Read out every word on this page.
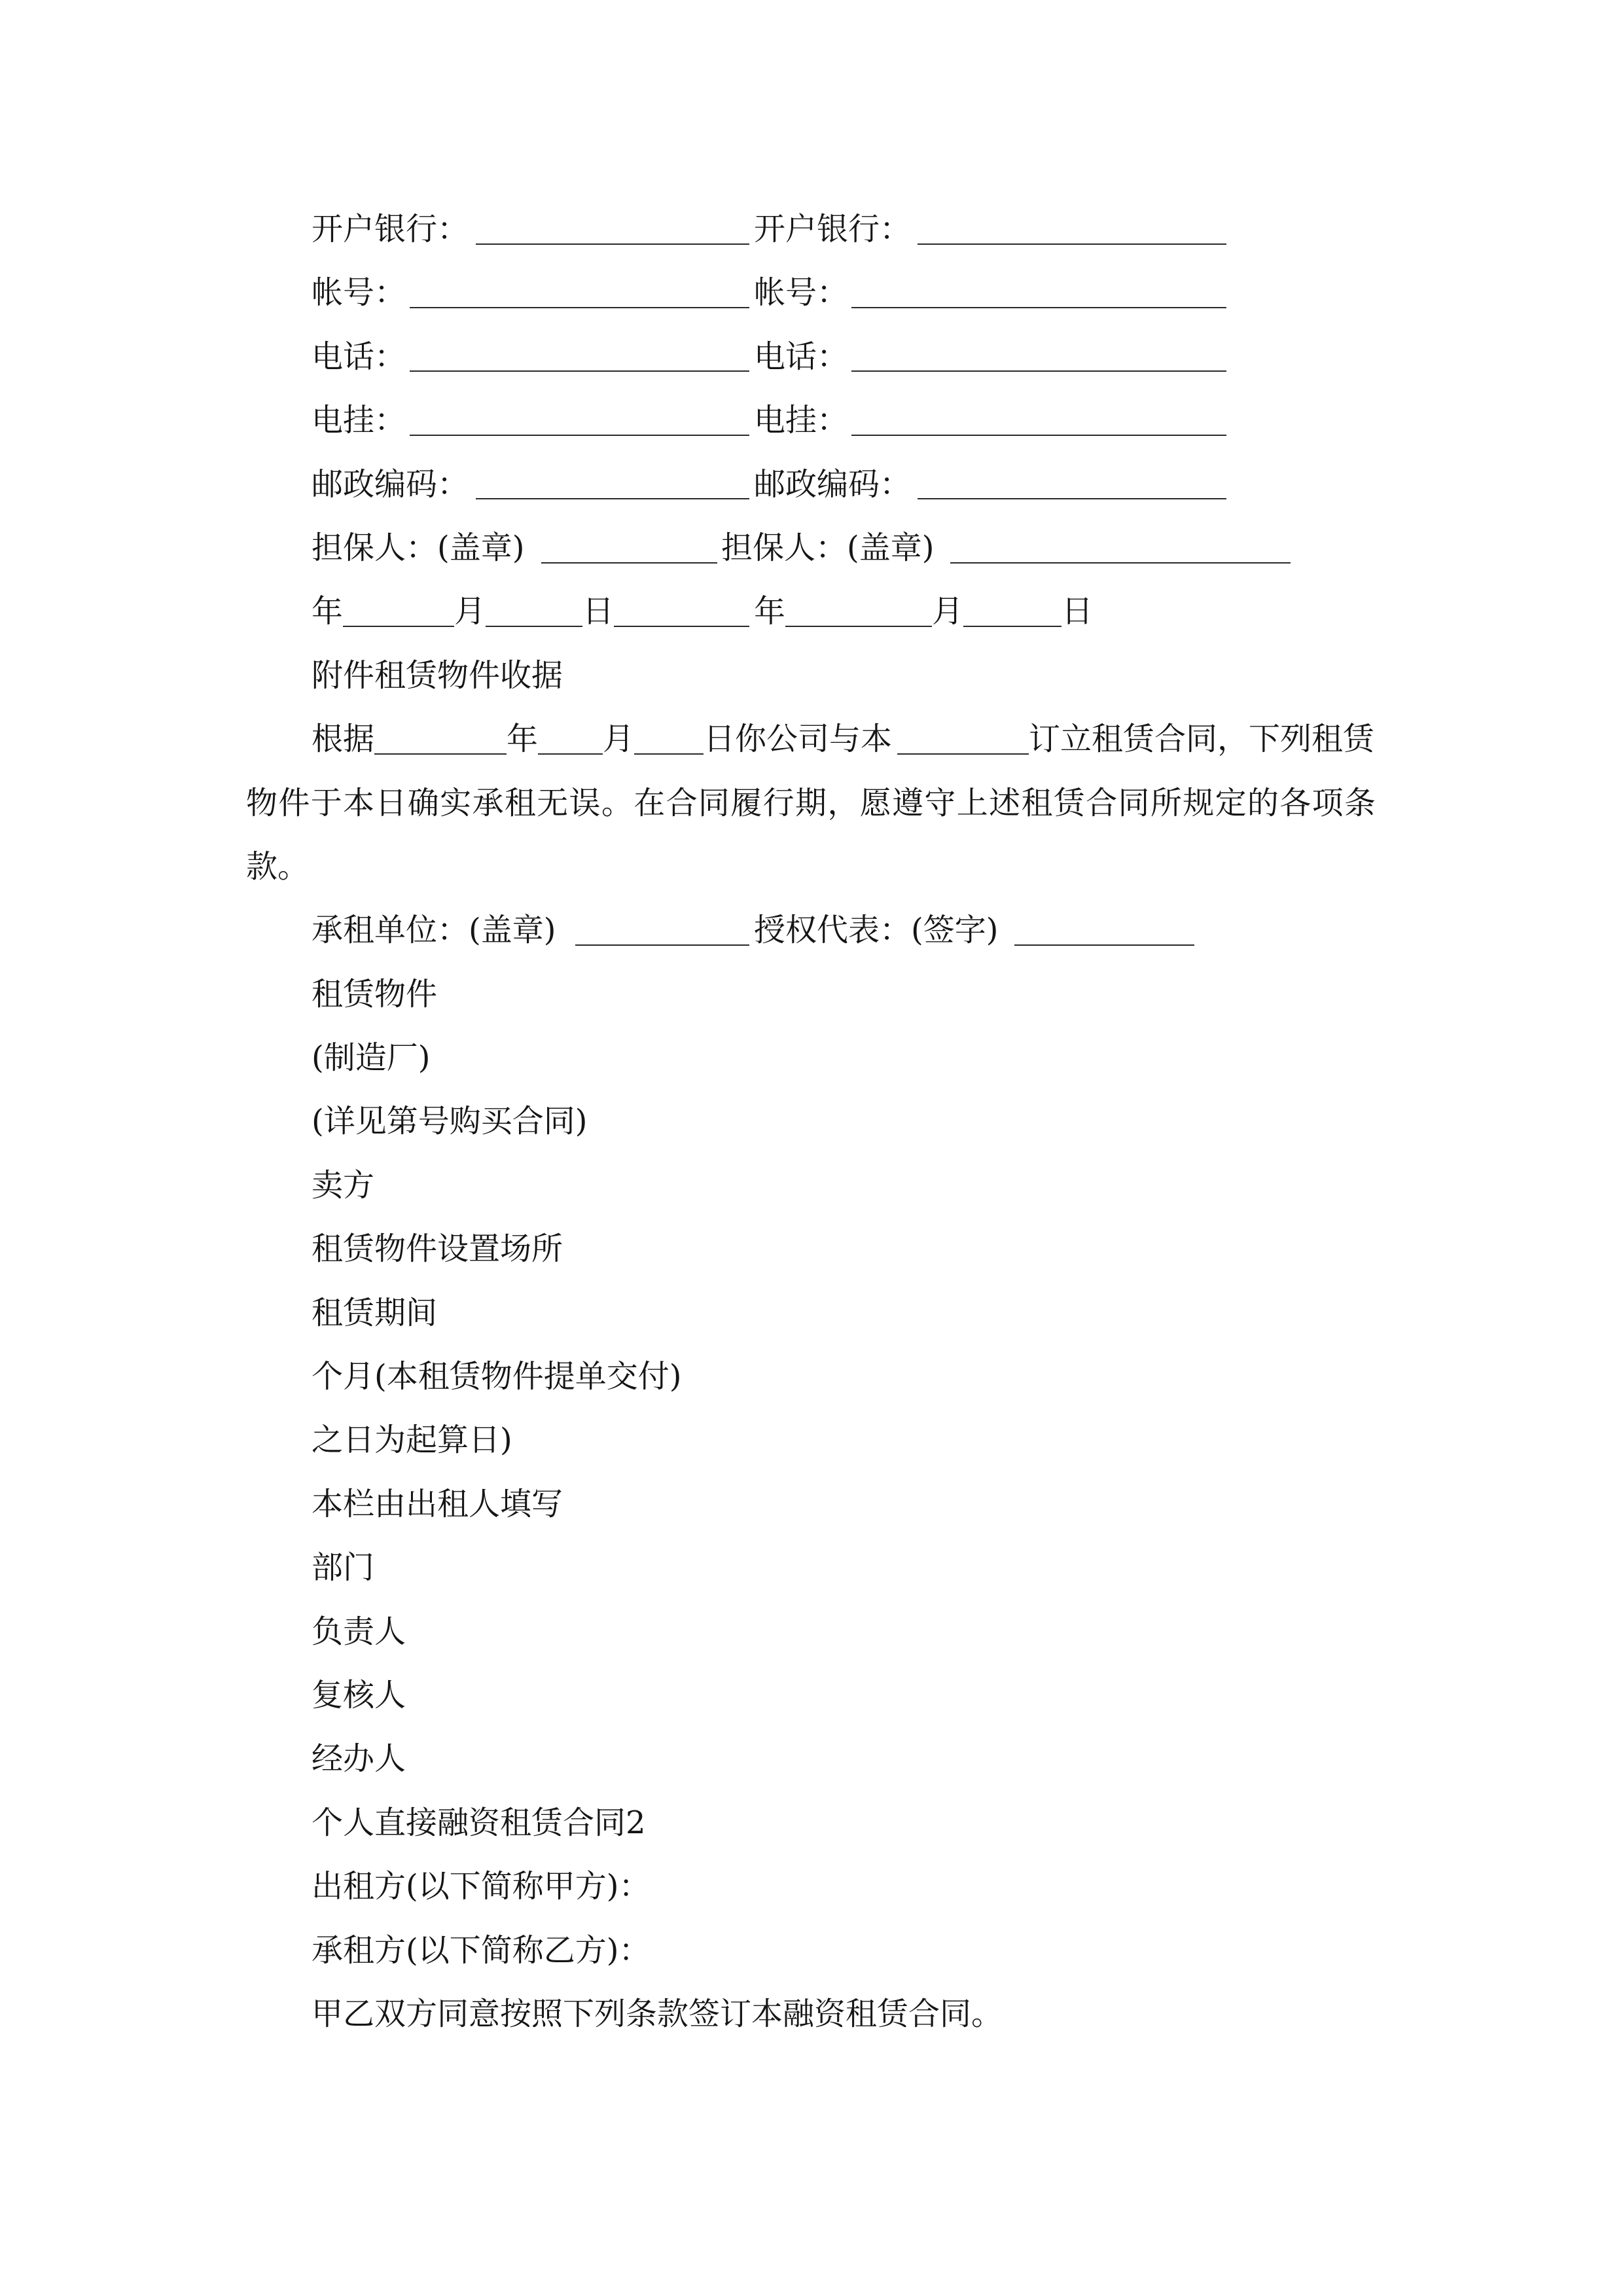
开户银行：	开户银行：
帐号：	帐号：
电话：	电话：
电挂：	电挂：
邮政编码：	邮政编码：
担保人：(盖章)	担保人：(盖章)
年	月	日	年	月	日
附件租赁物件收据
根据	年 月 日你公司与本	订立租赁合同，下列租赁
物件于本日确实承租无误。在合同履行期，愿遵守上述租赁合同所规定的各项条
款。
承租单位：(盖章)	授权代表：(签字)
租赁物件
(制造厂)
(详见第号购买合同)
卖方
租赁物件设置场所
租赁期间
个月(本租赁物件提单交付)
之日为起算日)
本栏由出租人填写
部门
负责人
复核人
经办人
个人直接融资租赁合同2
出租方(以下简称甲方)：
承租方(以下简称乙方)：
甲乙双方同意按照下列条款签订本融资租赁合同。
